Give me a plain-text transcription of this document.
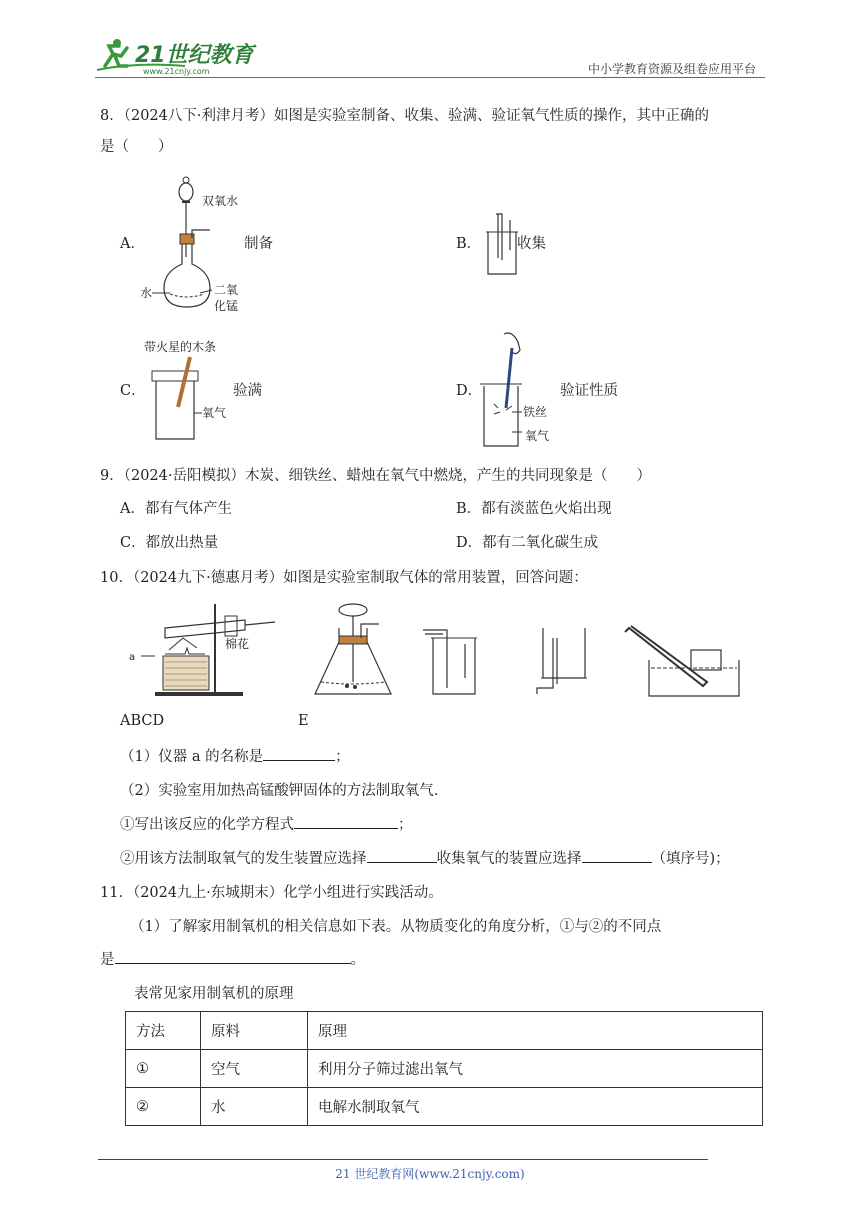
21世纪教育
www.21cnjy.com	中小学教育资源及组卷应用平台
8．（2024八下·利津月考）如图是实验室制备、收集、验满、验证氧气性质的操作，其中正确的
是（　　）
A．
双氧水
水	二氧
化锰
制备	B． 收集
C．
带火星的木条
氧气
验满	D．
铁丝
氧气
验证性质
9．（2024·岳阳模拟）木炭、细铁丝、蜡烛在氧气中燃烧，产生的共同现象是（　　）
A．都有气体产生	B．都有淡蓝色火焰出现
C．都放出热量	D．都有二氧化碳生成
10．（2024九下·德惠月考）如图是实验室制取气体的常用装置，回答问题：
a
棉花
ABCD	E
（1）仪器 a 的名称是	；
（2）实验室用加热高锰酸钾固体的方法制取氧气.
①写出该反应的化学方程式	；
②用该方法制取氧气的发生装置应选择	收集氧气的装置应选择	（填序号)；
11．（2024九上·东城期末）化学小组进行实践活动。
（1）了解家用制氧机的相关信息如下表。从物质变化的角度分析，①与②的不同点
是	。
表常见家用制氧机的原理
方法	原料	原理
①	空气	利用分子筛过滤出氧气
②	水	电解水制取氧气
21 世纪教育网(www.21cnjy.com)
